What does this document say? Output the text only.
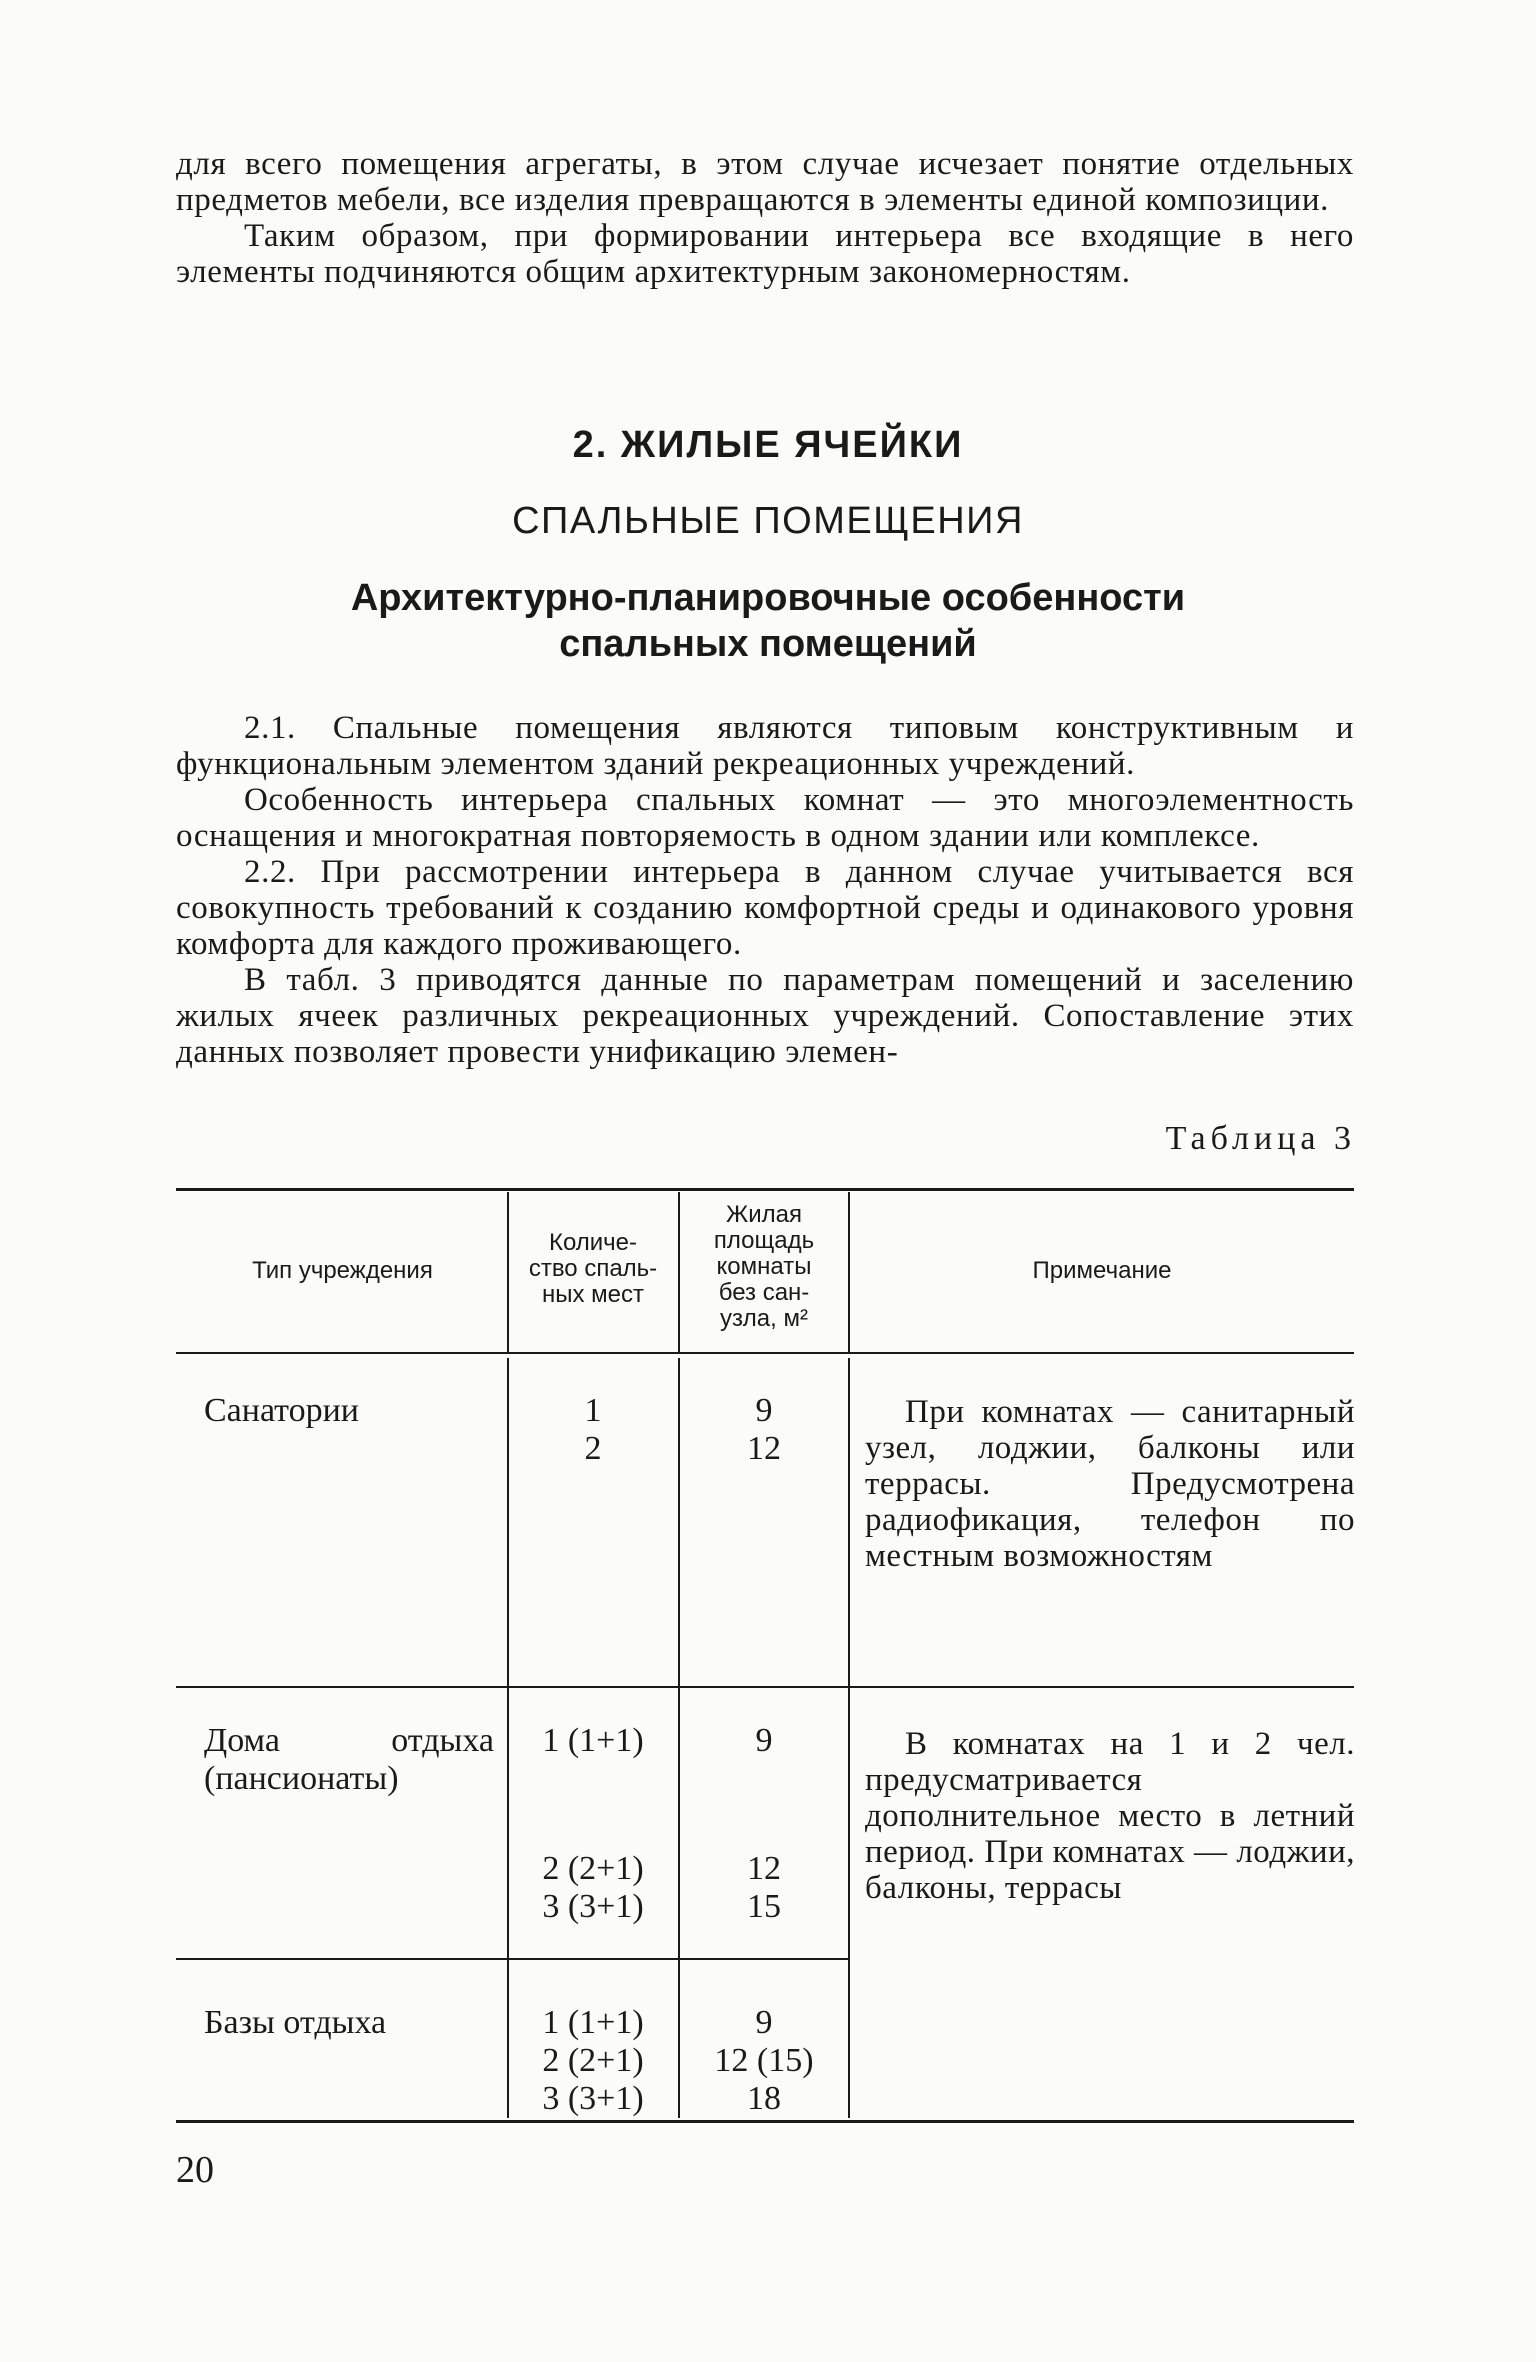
для всего помещения агрегаты, в этом случае исчезает понятие отдельных предметов мебели, все изделия превращаются в элементы единой композиции.

Таким образом, при формировании интерьера все входящие в него элементы подчиняются общим архитектурным закономерностям.

2. ЖИЛЫЕ ЯЧЕЙКИ
СПАЛЬНЫЕ ПОМЕЩЕНИЯ
Архитектурно-планировочные особенности
спальных помещений

2.1. Спальные помещения являются типовым конструктивным и функциональным элементом зданий рекреационных учреждений.

Особенность интерьера спальных комнат — это многоэлементность оснащения и многократная повторяемость в одном здании или комплексе.

2.2. При рассмотрении интерьера в данном случае учитывается вся совокупность требований к созданию комфортной среды и одинакового уровня комфорта для каждого проживающего.

В табл. 3 приводятся данные по параметрам помещений и заселению жилых ячеек различных рекреационных учреждений. Сопоставление этих данных позволяет провести унификацию элемен-

Таблица 3
Тип учреждения
Количе-
ство спаль-
ных мест
Жилая
площадь
комнаты
без сан-
узла, м²
Примечание
Санатории	1
2
9
12
При комнатах — санитарный узел, лоджии, балконы или террасы. Предусмотрена радиофикация, телефон по местным возможностям
Дома отдыха
(пансионаты)
1 (1+1)
2 (2+1)
3 (3+1)
9
12
15
В комнатах на 1 и 2 чел. предусматривается дополнительное место в летний период. При комнатах — лоджии, балконы, террасы
Базы отдыха	1 (1+1)
2 (2+1)
3 (3+1)
9
12 (15)
18
20
